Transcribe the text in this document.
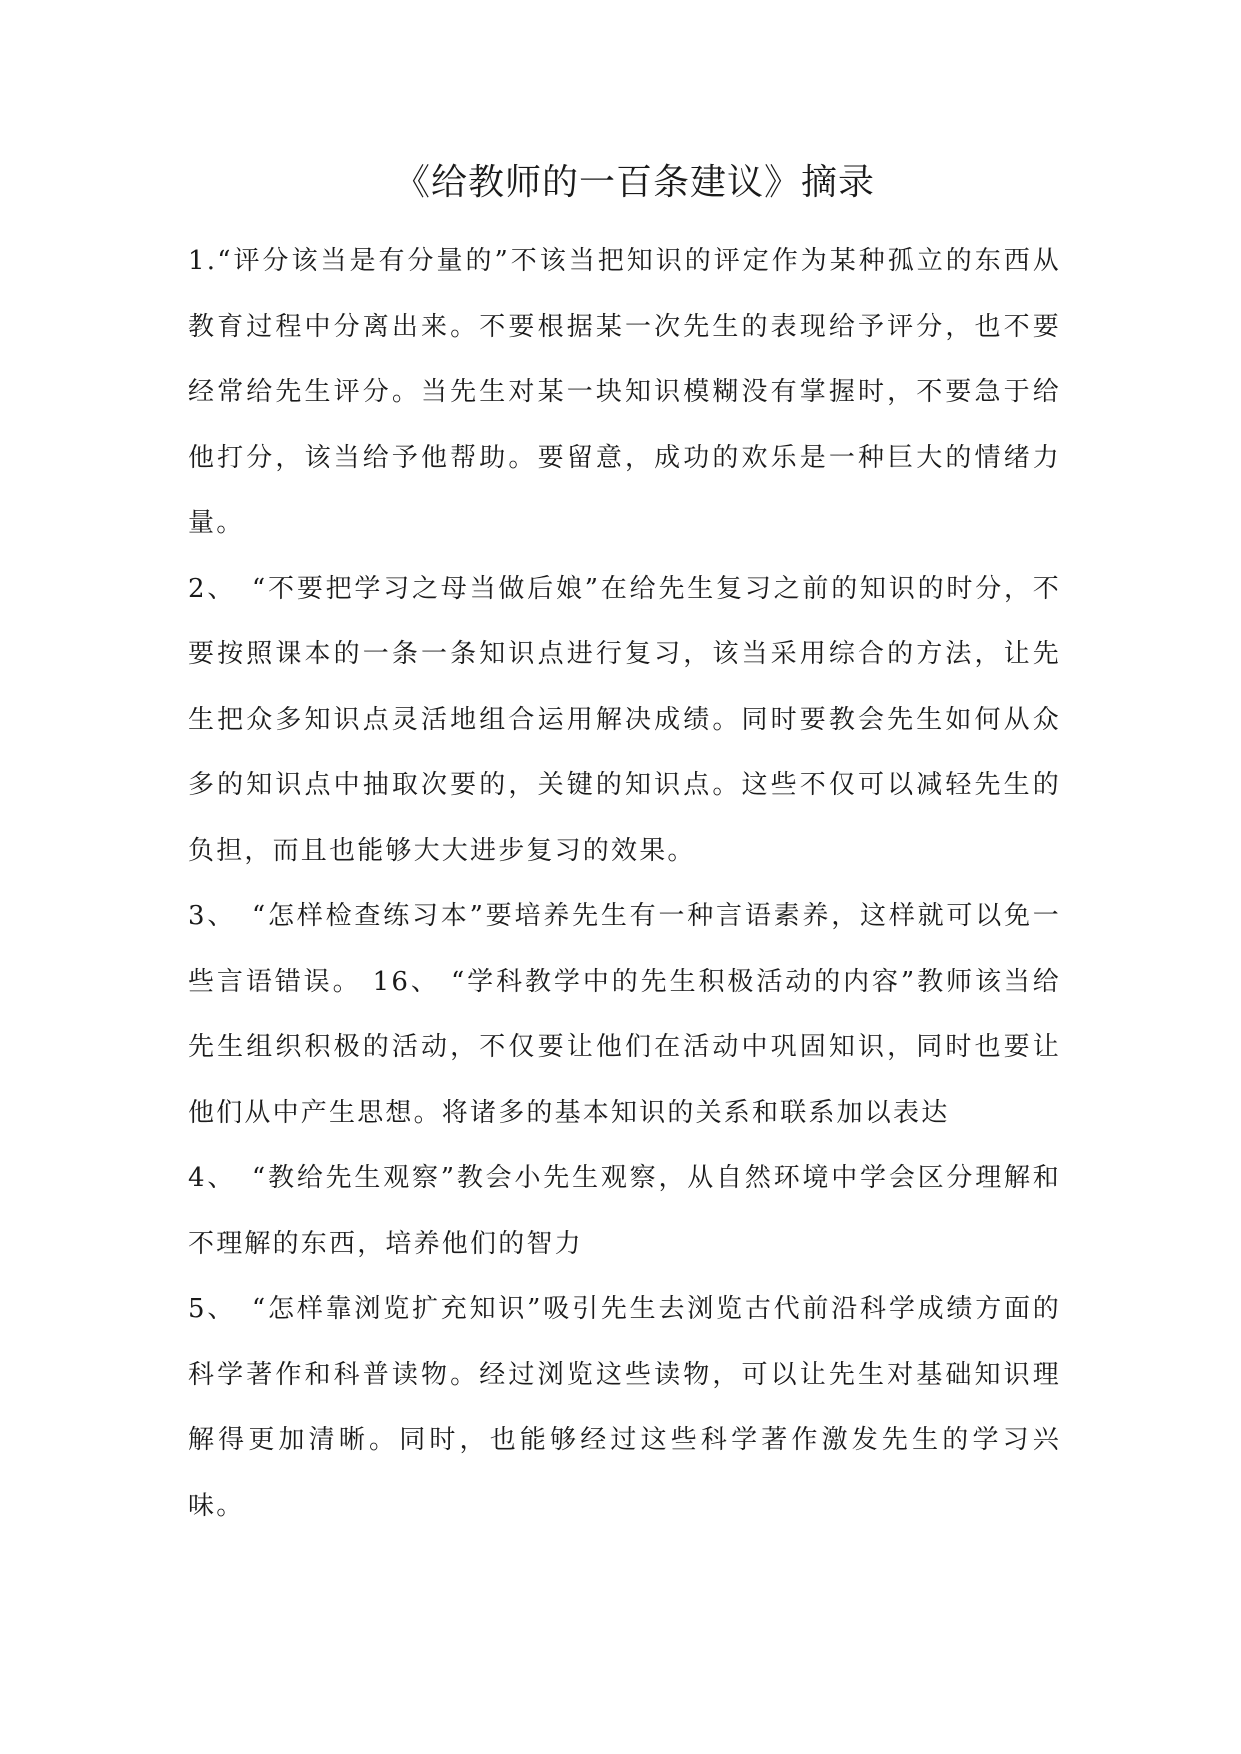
《给教师的一百条建议》摘录

1.“评分该当是有分量的”不该当把知识的评定作为某种孤立的东西从教育过程中分离出来。不要根据某一次先生的表现给予评分，也不要经常给先生评分。当先生对某一块知识模糊没有掌握时，不要急于给他打分，该当给予他帮助。要留意，成功的欢乐是一种巨大的情绪力量。

2、　“不要把学习之母当做后娘”在给先生复习之前的知识的时分，不要按照课本的一条一条知识点进行复习，该当采用综合的方法，让先生把众多知识点灵活地组合运用解决成绩。同时要教会先生如何从众多的知识点中抽取次要的，关键的知识点。这些不仅可以减轻先生的负担，而且也能够大大进步复习的效果。

3、　“怎样检查练习本”要培养先生有一种言语素养，这样就可以免一些言语错误。 16、 “学科教学中的先生积极活动的内容”教师该当给先生组织积极的活动，不仅要让他们在活动中巩固知识，同时也要让他们从中产生思想。将诸多的基本知识的关系和联系加以表达

4、　“教给先生观察”教会小先生观察，从自然环境中学会区分理解和不理解的东西，培养他们的智力

5、　“怎样靠浏览扩充知识”吸引先生去浏览古代前沿科学成绩方面的科学著作和科普读物。经过浏览这些读物，可以让先生对基础知识理解得更加清晰。同时，也能够经过这些科学著作激发先生的学习兴味。
